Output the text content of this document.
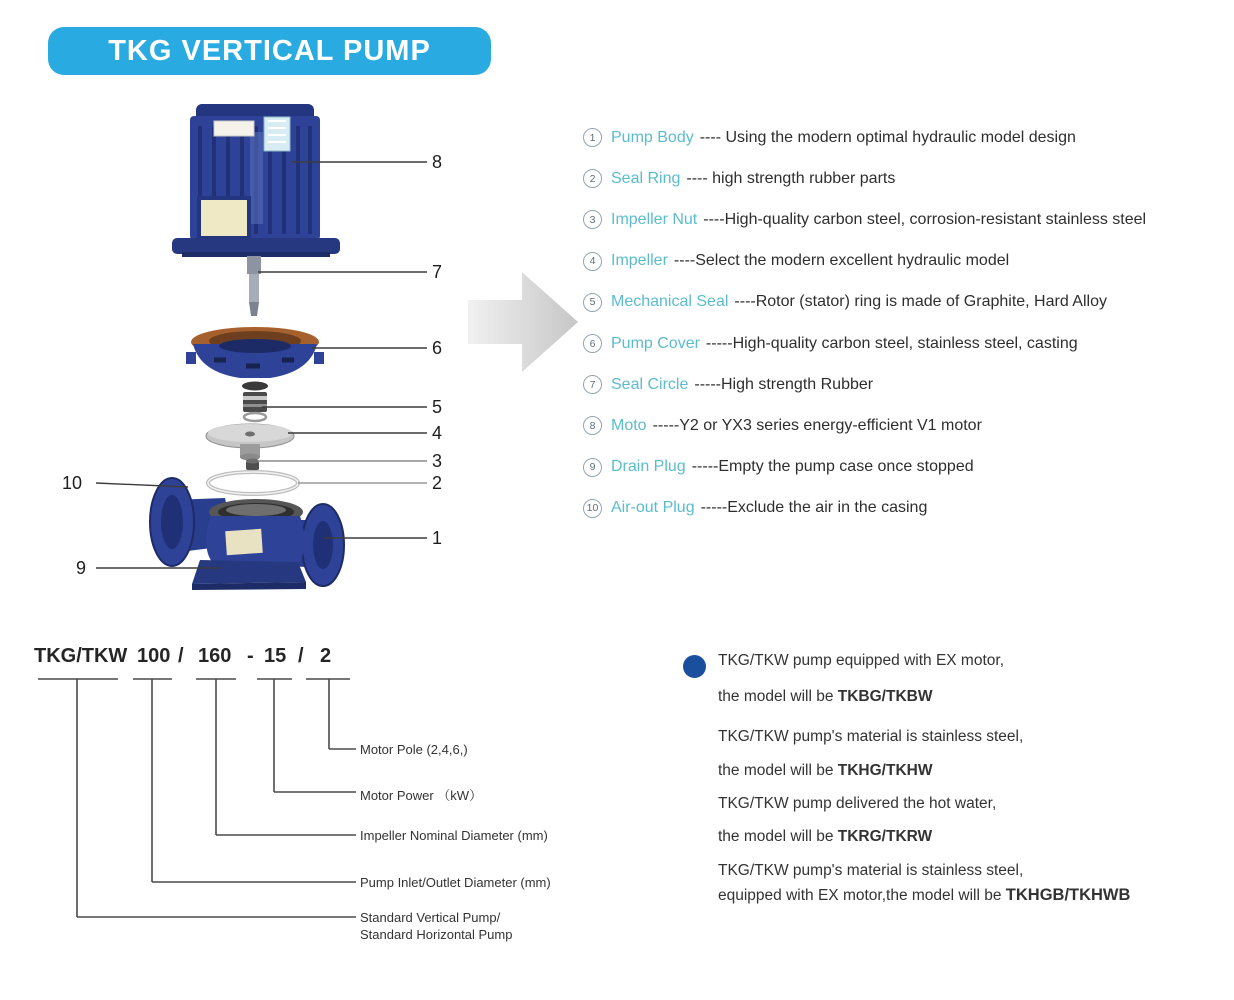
TKG VERTICAL PUMP
8
7
6
5
4
3
2
1
10
9
1 Pump Body ---- Using the modern optimal hydraulic model design
2 Seal Ring ---- high strength rubber parts
3 Impeller Nut ----High-quality carbon steel, corrosion-resistant stainless steel
4 Impeller ----Select the modern excellent hydraulic model
5 Mechanical Seal ----Rotor (stator) ring is made of Graphite, Hard Alloy
6 Pump Cover -----High-quality carbon steel, stainless steel, casting
7 Seal Circle -----High strength Rubber
8 Moto -----Y2 or YX3 series energy-efficient V1 motor
9 Drain Plug -----Empty the pump case once stopped
10 Air-out Plug -----Exclude the air in the casing
TKG/TKW 100 / 160 - 15 / 2
Motor Pole (2,4,6,)
Motor Power （kW）
Impeller Nominal Diameter (mm)
Pump Inlet/Outlet Diameter (mm)
Standard Vertical Pump/
Standard Horizontal Pump
TKG/TKW pump equipped with EX motor,
the model will be TKBG/TKBW
TKG/TKW pump's material is stainless steel,
the model will be TKHG/TKHW
TKG/TKW pump delivered the hot water,
the model will be TKRG/TKRW
TKG/TKW pump's material is stainless steel,
equipped with EX motor,the model will be TKHGB/TKHWB
